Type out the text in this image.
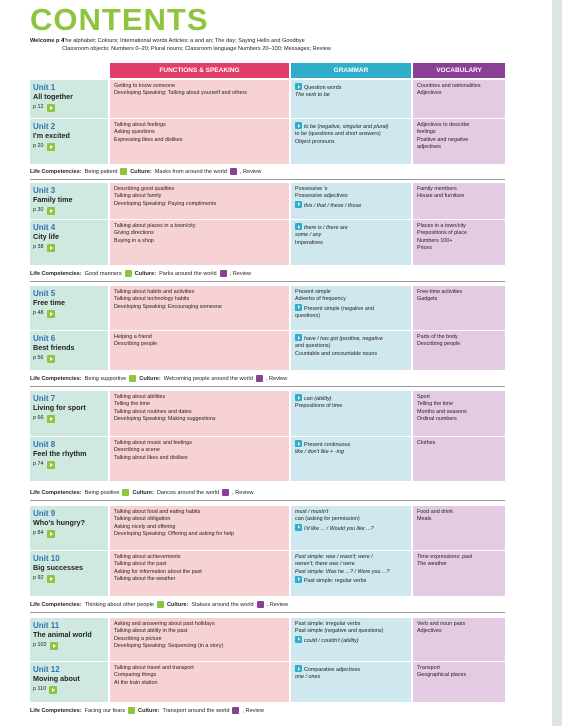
CONTENTS
Welcome p 4
The alphabet; Colours; International words Articles: a and an; The day; Saying Hello and Goodbye
Classroom objects; Numbers 0–20; Plural nouns; Classroom language Numbers 20–100; Messages; Review
FUNCTIONS & SPEAKING	GRAMMAR	VOCABULARY
Unit 1
All together
p 12
Getting to know someone
Developing Speaking: Talking about yourself and others
Question words
The verb to be
Countries and nationalities
Adjectives
Unit 2
I'm excited
p 20
Talking about feelings
Asking questions
Expressing likes and dislikes
to be (negative, singular and plural)
to be (questions and short answers)
Object pronouns
Adjectives to describe
feelings
Positive and negative
adjectives
Life Competencies: Being patient Culture: Masks from around the world , Review
Unit 3
Family time
p 30
Describing good qualities
Talking about family
Developing Speaking: Paying compliments
Possessive 's
Possessive adjectives
this / that / these / those
Family members
House and furniture
Unit 4
City life
p 38
Talking about places in a town/city
Giving directions
Buying in a shop
there is / there are
some / any
Imperatives
Places in a town/city
Prepositions of place
Numbers 100+
Prices
Life Competencies: Good manners Culture: Parks around the world , Review
Unit 5
Free time
p 48
Talking about habits and activities
Talking about technology habits
Developing Speaking: Encouraging someone
Present simple
Adverbs of frequency
Present simple (negative and
questions)
Free-time activities
Gadgets
Unit 6
Best friends
p 56
Helping a friend
Describing people
have / has got (positive, negative
and questions)
Countable and uncountable nouns
Parts of the body
Describing people
Life Competencies: Being supportive Culture: Welcoming people around the world , Review
Unit 7
Living for sport
p 66
Talking about abilities
Telling the time
Talking about routines and dates
Developing Speaking: Making suggestions
can (ability)
Prepositions of time
Sport
Telling the time
Months and seasons
Ordinal numbers
Unit 8
Feel the rhythm
p 74
Talking about music and feelings
Describing a scene
Talking about likes and dislikes
Present continuous
like / don't like + -ing
Clothes
Life Competencies: Being positive Culture: Dances around the world , Review
Unit 9
Who's hungry?
p 84
Talking about food and eating habits
Talking about obligation
Asking nicely and offering
Developing Speaking: Offering and asking for help
must / mustn't
can (asking for permission)
I'd like ... / Would you like ...?
Food and drink
Meals
Unit 10
Big successes
p 92
Talking about achievements
Talking about the past
Asking for information about the past
Talking about the weather
Past simple: was / wasn't; were /
weren't; there was / were
Past simple: Was he ...? / Were you ...?
Past simple: regular verbs
Time expressions: past
The weather
Life Competencies: Thinking about other people Culture: Statues around the world , Review
Unit 11
The animal world
p 102
Asking and answering about past holidays
Talking about ability in the past
Describing a picture
Developing Speaking: Sequencing (in a story)
Past simple: irregular verbs
Past simple (negative and questions)
could / couldn't (ability)
Verb and noun pairs
Adjectives
Unit 12
Moving about
p 110
Talking about travel and transport
Comparing things
At the train station
Comparative adjectives
one / ones
Transport
Geographical places
Life Competencies: Facing our fears Culture: Transport around the world , Review
